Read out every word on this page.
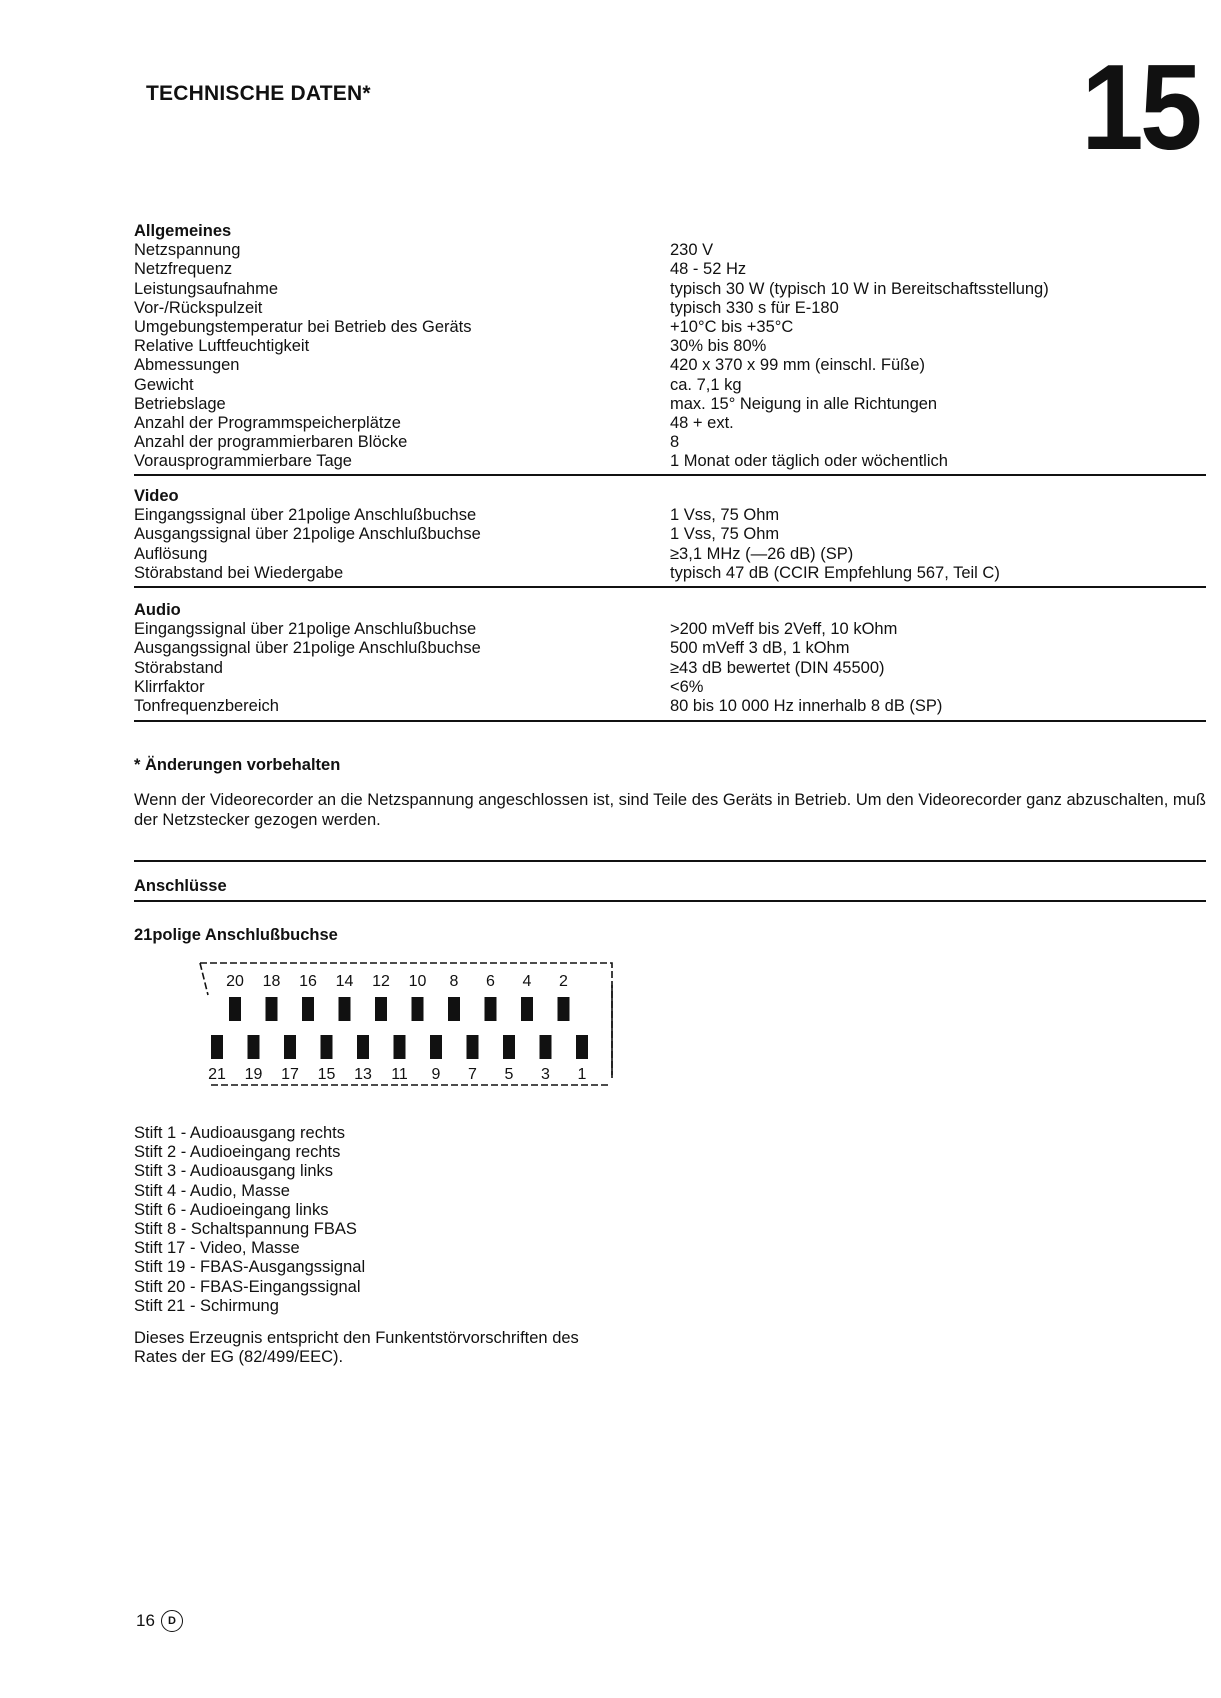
TECHNISCHE DATEN*	15
Allgemeines
Netzspannung	230 V
Netzfrequenz	48 - 52 Hz
Leistungsaufnahme	typisch 30 W (typisch 10 W in Bereitschaftsstellung)
Vor-/Rückspulzeit	typisch 330 s für E-180
Umgebungstemperatur bei Betrieb des Geräts	+10°C bis +35°C
Relative Luftfeuchtigkeit	30% bis 80%
Abmessungen	420 x 370 x 99 mm (einschl. Füße)
Gewicht	ca. 7,1 kg
Betriebslage	max. 15° Neigung in alle Richtungen
Anzahl der Programmspeicherplätze	48 + ext.
Anzahl der programmierbaren Blöcke	8
Vorausprogrammierbare Tage	1 Monat oder täglich oder wöchentlich
Video
Eingangssignal über 21polige Anschlußbuchse	1 Vss, 75 Ohm
Ausgangssignal über 21polige Anschlußbuchse	1 Vss, 75 Ohm
Auflösung	≥3,1 MHz (—26 dB) (SP)
Störabstand bei Wiedergabe	typisch 47 dB (CCIR Empfehlung 567, Teil C)
Audio
Eingangssignal über 21polige Anschlußbuchse	>200 mVeff bis 2Veff, 10 kOhm
Ausgangssignal über 21polige Anschlußbuchse	500 mVeff 3 dB, 1 kOhm
Störabstand	≥43 dB bewertet (DIN 45500)
Klirrfaktor	<6%
Tonfrequenzbereich	80 bis 10 000 Hz innerhalb 8 dB (SP)
* Änderungen vorbehalten
Wenn der Videorecorder an die Netzspannung angeschlossen ist, sind Teile des Geräts in Betrieb. Um den Videorecorder ganz abzuschalten, muß der Netzstecker gezogen werden.
Anschlüsse
21polige Anschlußbuchse
20 18 16 14 12 10 8 6 4 2
21 19 17 15 13 11 9 7 5 3 1
Stift 1 - Audioausgang rechts
Stift 2 - Audioeingang rechts
Stift 3 - Audioausgang links
Stift 4 - Audio, Masse
Stift 6 - Audioeingang links
Stift 8 - Schaltspannung FBAS
Stift 17 - Video, Masse
Stift 19 - FBAS-Ausgangssignal
Stift 20 - FBAS-Eingangssignal
Stift 21 - Schirmung
Dieses Erzeugnis entspricht den Funkentstörvorschriften des
Rates der EG (82/499/EEC).
16 D
